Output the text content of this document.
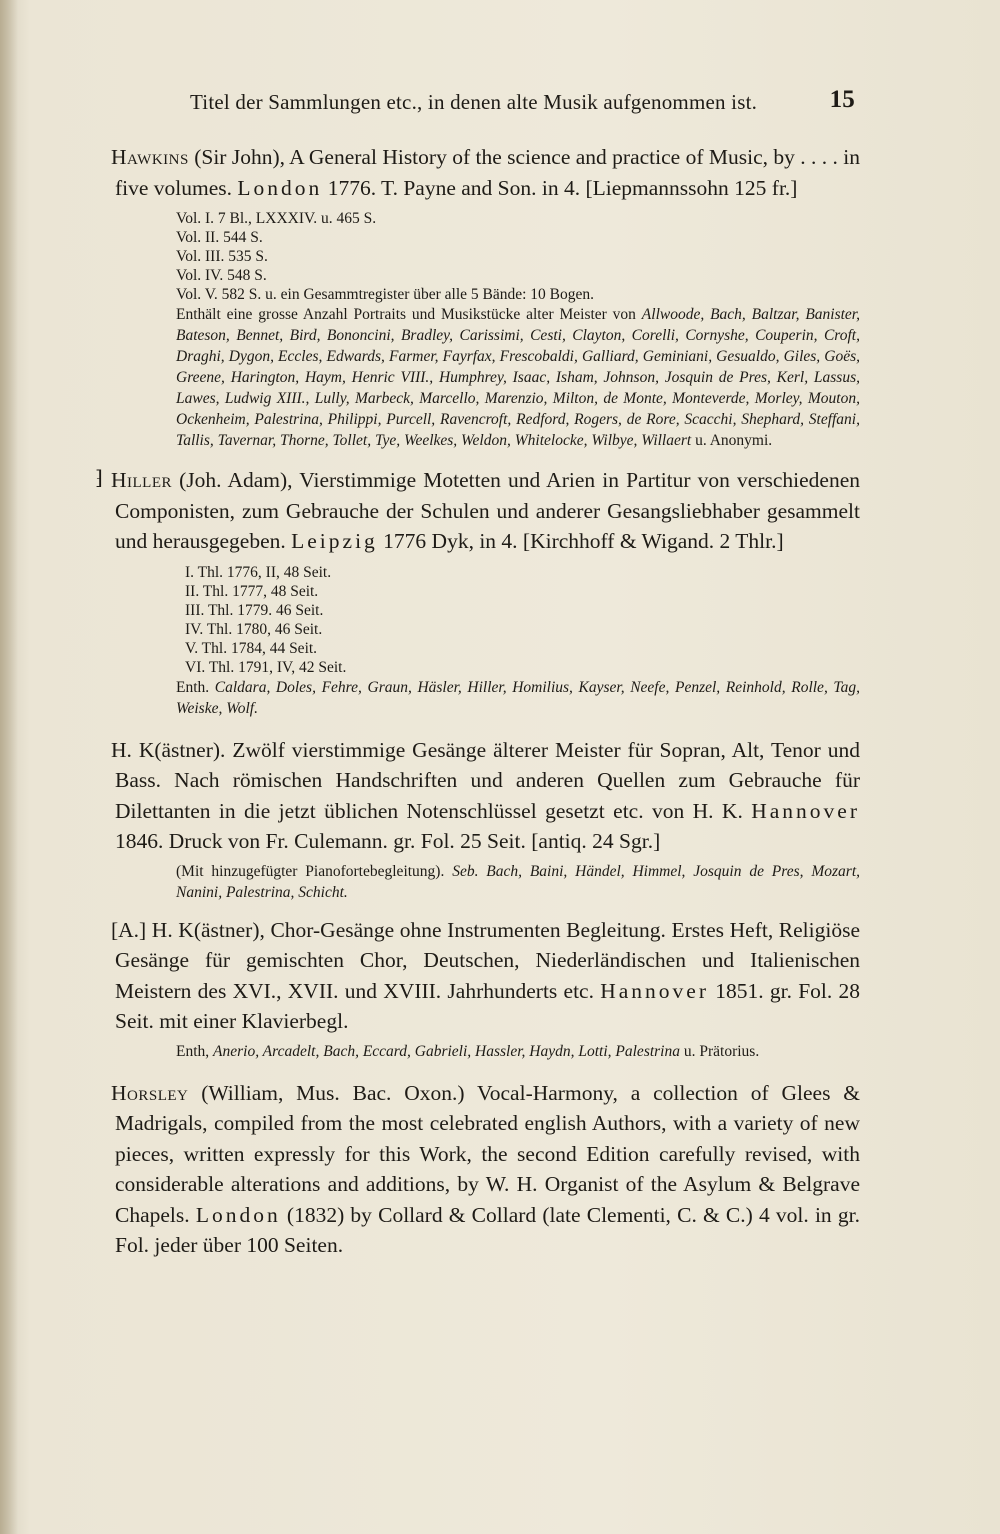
Titel der Sammlungen etc., in denen alte Musik aufgenommen ist.	15
Hawkins (Sir John), A General History of the science and practice of Music, by . . . . in five volumes. London 1776. T. Payne and Son. in 4. [Liepmannssohn 125 fr.]
Vol. I. 7 Bl., LXXXIV. u. 465 S.
Vol. II. 544 S.
Vol. III. 535 S.
Vol. IV. 548 S.
Vol. V. 582 S. u. ein Gesammtregister über alle 5 Bände: 10 Bogen.
Enthält eine grosse Anzahl Portraits und Musikstücke alter Meister von Allwoode, Bach, Baltzar, Banister, Bateson, Bennet, Bird, Bononcini, Bradley, Carissimi, Cesti, Clayton, Corelli, Cornyshe, Couperin, Croft, Draghi, Dygon, Eccles, Edwards, Farmer, Fayrfax, Frescobaldi, Galliard, Geminiani, Gesualdo, Giles, Goës, Greene, Harington, Haym, Henric VIII., Humphrey, Isaac, Isham, Johnson, Josquin de Pres, Kerl, Lassus, Lawes, Ludwig XIII., Lully, Marbeck, Marcello, Marenzio, Milton, de Monte, Monteverde, Morley, Mouton, Ockenheim, Palestrina, Philippi, Purcell, Ravencroft, Redford, Rogers, de Rore, Scacchi, Shephard, Steffani, Tallis, Tavernar, Thorne, Tollet, Tye, Weelkes, Weldon, Whitelocke, Wilbye, Willaert u. Anonymi.
⁆ Hiller (Joh. Adam), Vierstimmige Motetten und Arien in Partitur von verschiedenen Componisten, zum Gebrauche der Schulen und anderer Gesangsliebhaber gesammelt und herausgegeben. Leipzig 1776 Dyk, in 4. [Kirchhoff & Wigand. 2 Thlr.]
I. Thl. 1776, II, 48 Seit.
II. Thl. 1777, 48 Seit.
III. Thl. 1779. 46 Seit.
IV. Thl. 1780, 46 Seit.
V. Thl. 1784, 44 Seit.
VI. Thl. 1791, IV, 42 Seit.
Enth. Caldara, Doles, Fehre, Graun, Häsler, Hiller, Homilius, Kayser, Neefe, Penzel, Reinhold, Rolle, Tag, Weiske, Wolf.
H. K(ästner). Zwölf vierstimmige Gesänge älterer Meister für Sopran, Alt, Tenor und Bass. Nach römischen Handschriften und anderen Quellen zum Gebrauche für Dilettanten in die jetzt üblichen Notenschlüssel gesetzt etc. von H. K. Hannover 1846. Druck von Fr. Culemann. gr. Fol. 25 Seit. [antiq. 24 Sgr.]
(Mit hinzugefügter Pianofortebegleitung). Seb. Bach, Baini, Händel, Himmel, Josquin de Pres, Mozart, Nanini, Palestrina, Schicht.
[A.] H. K(ästner), Chor-Gesänge ohne Instrumenten Begleitung. Erstes Heft, Religiöse Gesänge für gemischten Chor, Deutschen, Niederländischen und Italienischen Meistern des XVI., XVII. und XVIII. Jahrhunderts etc. Hannover 1851. gr. Fol. 28 Seit. mit einer Klavierbegl.
Enth, Anerio, Arcadelt, Bach, Eccard, Gabrieli, Hassler, Haydn, Lotti, Palestrina u. Prätorius.
Horsley (William, Mus. Bac. Oxon.) Vocal-Harmony, a collection of Glees & Madrigals, compiled from the most celebrated english Authors, with a variety of new pieces, written expressly for this Work, the second Edition carefully revised, with considerable alterations and additions, by W. H. Organist of the Asylum & Belgrave Chapels. London (1832) by Collard & Collard (late Clementi, C. & C.) 4 vol. in gr. Fol. jeder über 100 Seiten.
